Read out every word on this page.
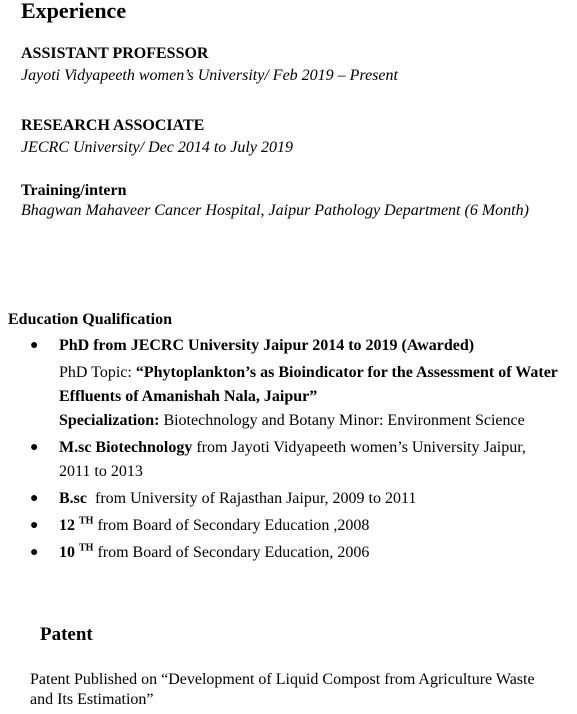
Experience

ASSISTANT PROFESSOR

Jayoti Vidyapeeth women’s University/ Feb 2019 – Present

RESEARCH ASSOCIATE

JECRC University/ Dec 2014 to July 2019

Training/intern

Bhagwan Mahaveer Cancer Hospital, Jaipur Pathology Department (6 Month)

Education Qualification

● PhD from JECRC University Jaipur 2014 to 2019 (Awarded)
PhD Topic: “Phytoplankton’s as Bioindicator for the Assessment of Water Effluents of Amanishah Nala, Jaipur”
Specialization: Biotechnology and Botany Minor: Environment Science
● M.sc Biotechnology from Jayoti Vidyapeeth women’s University Jaipur, 2011 to 2013
● B.sc  from University of Rajasthan Jaipur, 2009 to 2011
● 12 $^{TH}$ from Board of Secondary Education ,2008
● 10 $^{TH}$ from Board of Secondary Education, 2006

Patent

Patent Published on “Development of Liquid Compost from Agriculture Waste and Its Estimation”
